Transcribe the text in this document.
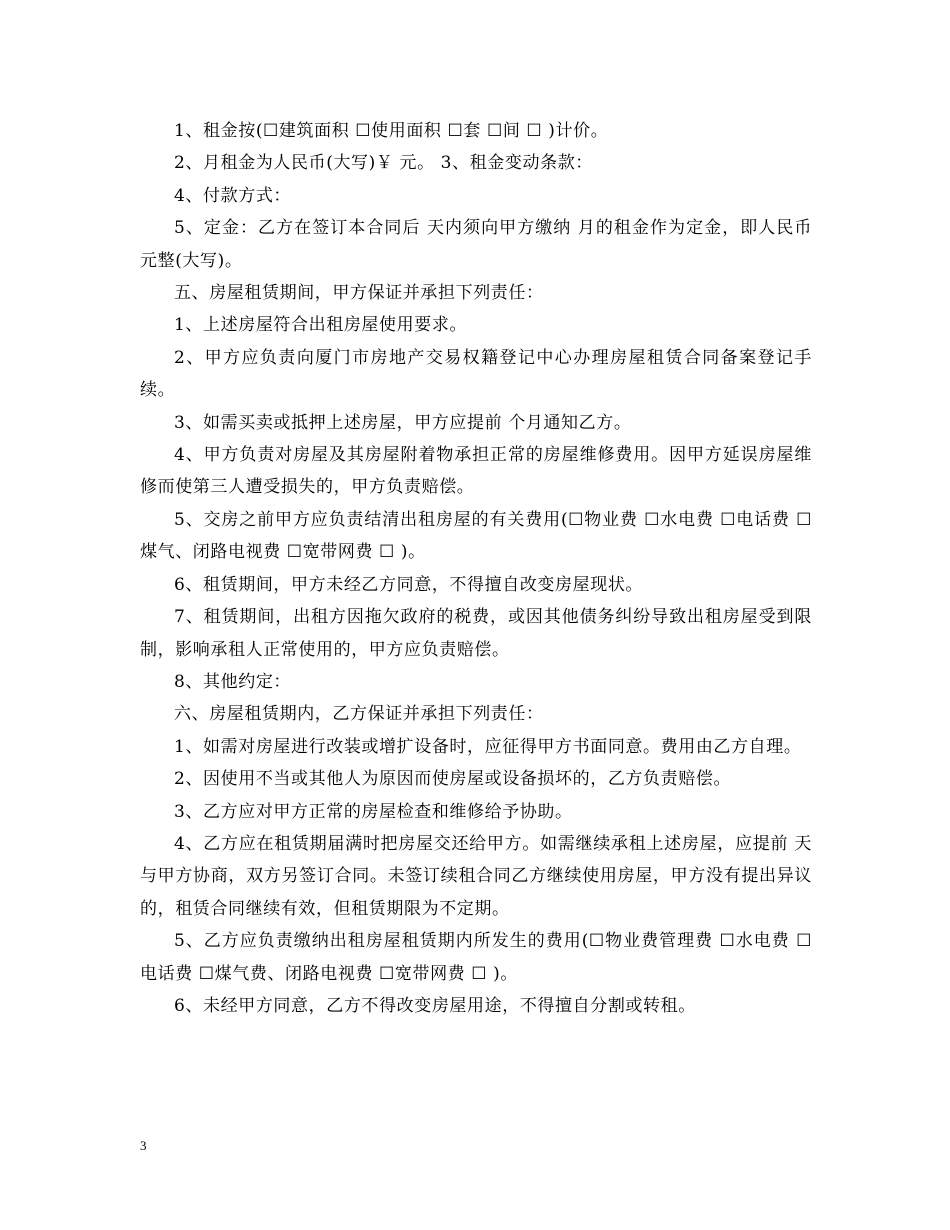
1、租金按(☐建筑面积 ☐使用面积 ☐套 ☐间 ☐ )计价。

2、月租金为人民币(大写)￥ 元。 3、租金变动条款：

4、付款方式：

5、定金：乙方在签订本合同后 天内须向甲方缴纳 月的租金作为定金，即人民币 元整(大写)。

五、房屋租赁期间，甲方保证并承担下列责任：

1、上述房屋符合出租房屋使用要求。

2、甲方应负责向厦门市房地产交易权籍登记中心办理房屋租赁合同备案登记手续。

3、如需买卖或抵押上述房屋，甲方应提前 个月通知乙方。

4、甲方负责对房屋及其房屋附着物承担正常的房屋维修费用。因甲方延误房屋维修而使第三人遭受损失的，甲方负责赔偿。

5、交房之前甲方应负责结清出租房屋的有关费用(☐物业费 ☐水电费 ☐电话费 ☐煤气、闭路电视费 ☐宽带网费 ☐ )。

6、租赁期间，甲方未经乙方同意，不得擅自改变房屋现状。

7、租赁期间，出租方因拖欠政府的税费，或因其他债务纠纷导致出租房屋受到限制，影响承租人正常使用的，甲方应负责赔偿。

8、其他约定：

六、房屋租赁期内，乙方保证并承担下列责任：

1、如需对房屋进行改装或增扩设备时，应征得甲方书面同意。费用由乙方自理。

2、因使用不当或其他人为原因而使房屋或设备损坏的，乙方负责赔偿。

3、乙方应对甲方正常的房屋检查和维修给予协助。

4、乙方应在租赁期届满时把房屋交还给甲方。如需继续承租上述房屋，应提前 天与甲方协商，双方另签订合同。未签订续租合同乙方继续使用房屋，甲方没有提出异议的，租赁合同继续有效，但租赁期限为不定期。

5、乙方应负责缴纳出租房屋租赁期内所发生的费用(☐物业费管理费 ☐水电费 ☐电话费 ☐煤气费、闭路电视费 ☐宽带网费 ☐ )。

6、未经甲方同意，乙方不得改变房屋用途，不得擅自分割或转租。

3
